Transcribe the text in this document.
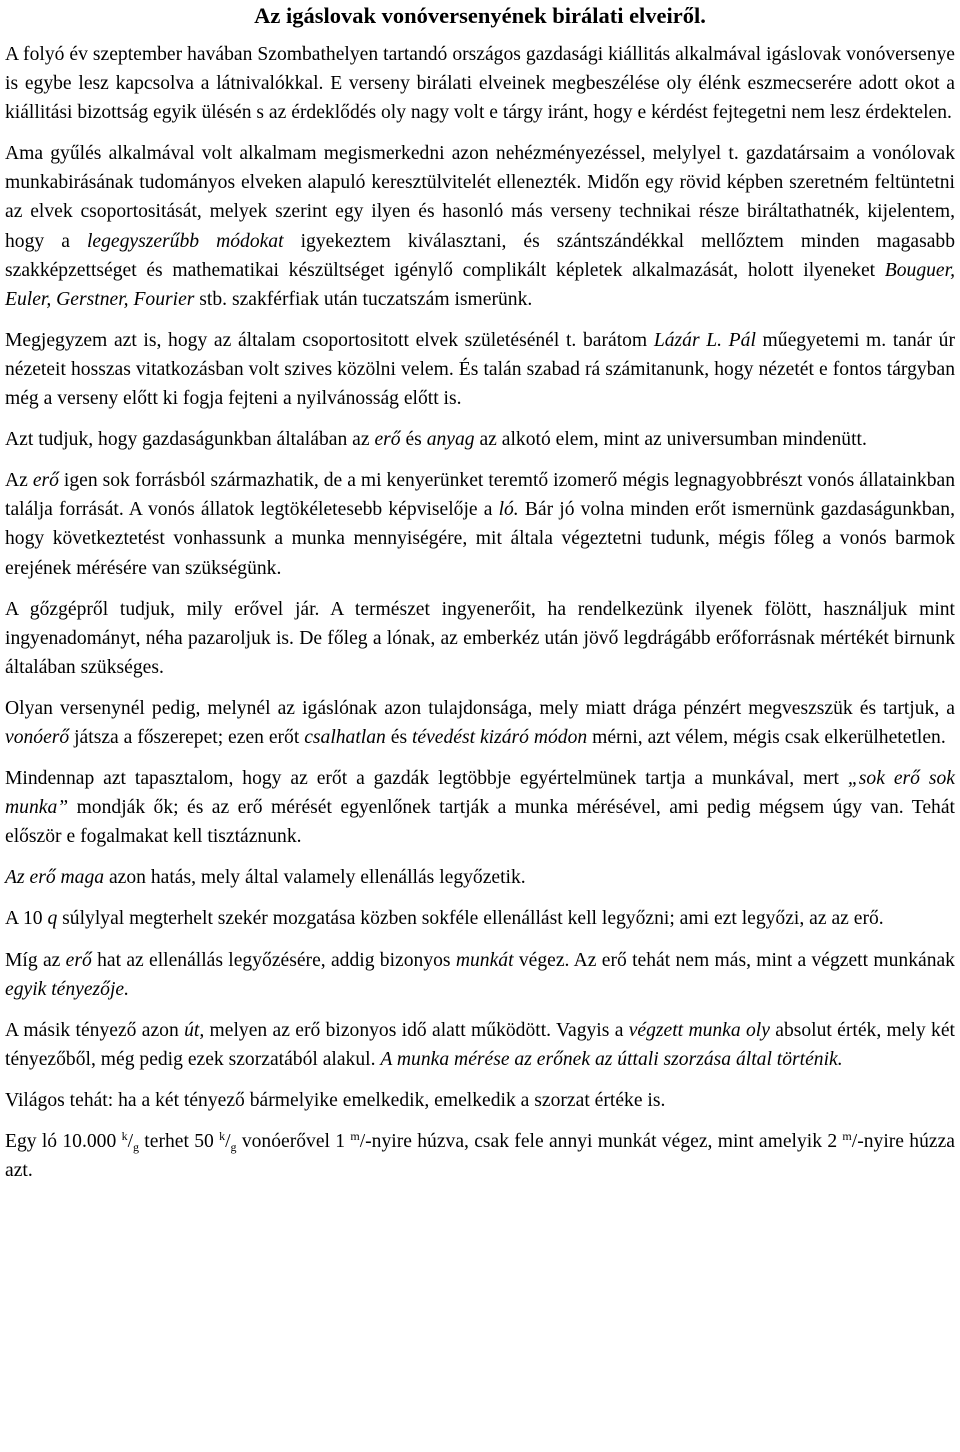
Az igáslovak vonóversenyének birálati elveiről.

A folyó év szeptember havában Szombathelyen tartandó országos gazdasági kiállitás alkalmával igáslovak vonóversenye is egybe lesz kapcsolva a látnivalókkal. E verseny birálati elveinek megbeszélése oly élénk eszmecserére adott okot a kiállitási bizottság egyik ülésén s az érdeklődés oly nagy volt e tárgy iránt, hogy e kérdést fejtegetni nem lesz érdektelen.

Ama gyűlés alkalmával volt alkalmam megismerkedni azon nehézményezéssel, melylyel t. gazdatársaim a vonólovak munkabirásának tudományos elveken alapuló keresztülvitelét ellenezték. Midőn egy rövid képben szeretném feltüntetni az elvek csoportositását, melyek szerint egy ilyen és hasonló más verseny technikai része biráltathatnék, kijelentem, hogy a legegyszerűbb módokat igyekeztem kiválasztani, és szántszándékkal mellőztem minden magasabb szakképzettséget és mathematikai készültséget igénylő complikált képletek alkalmazását, holott ilyeneket Bouguer, Euler, Gerstner, Fourier stb. szakférfiak után tuczatszám ismerünk.

Megjegyzem azt is, hogy az általam csoportositott elvek születésénél t. barátom Lázár L. Pál műegyetemi m. tanár úr nézeteit hosszas vitatkozásban volt szives közölni velem. És talán szabad rá számitanunk, hogy nézetét e fontos tárgyban még a verseny előtt ki fogja fejteni a nyilvánosság előtt is.

Azt tudjuk, hogy gazdaságunkban általában az erő és anyag az alkotó elem, mint az universumban mindenütt.

Az erő igen sok forrásból származhatik, de a mi kenyerünket teremtő izomerő mégis legnagyobbrészt vonós állatainkban találja forrását. A vonós állatok legtökéletesebb képviselője a ló. Bár jó volna minden erőt ismernünk gazdaságunkban, hogy következtetést vonhassunk a munka mennyiségére, mit általa végeztetni tudunk, mégis főleg a vonós barmok erejének mérésére van szükségünk.

A gőzgépről tudjuk, mily erővel jár. A természet ingyenerőit, ha rendelkezünk ilyenek fölött, használjuk mint ingyenadományt, néha pazaroljuk is. De főleg a lónak, az emberkéz után jövő legdrágább erőforrásnak mértékét birnunk általában szükséges.

Olyan versenynél pedig, melynél az igáslónak azon tulajdonsága, mely miatt drága pénzért megveszszük és tartjuk, a vonóerő játsza a főszerepet; ezen erőt csalhatlan és tévedést kizáró módon mérni, azt vélem, mégis csak elkerülhetetlen.

Mindennap azt tapasztalom, hogy az erőt a gazdák legtöbbje egyértelmünek tartja a munkával, mert „sok erő sok munka” mondják ők; és az erő mérését egyenlőnek tartják a munka mérésével, ami pedig mégsem úgy van. Tehát először e fogalmakat kell tisztáznunk.

Az erő maga azon hatás, mely által valamely ellenállás legyőzetik.

A 10 q súlylyal megterhelt szekér mozgatása közben sokféle ellenállást kell legyőzni; ami ezt legyőzi, az az erő.

Míg az erő hat az ellenállás legyőzésére, addig bizonyos munkát végez. Az erő tehát nem más, mint a végzett munkának egyik tényezője.

A másik tényező azon út, melyen az erő bizonyos idő alatt működött. Vagyis a végzett munka oly absolut érték, mely két tényezőből, még pedig ezek szorzatából alakul. A munka mérése az erőnek az úttali szorzása által történik.

Világos tehát: ha a két tényező bármelyike emelkedik, emelkedik a szorzat értéke is.

Egy ló 10.000 $^k/_g$ terhet 50 $^k/_g$ vonóerővel 1 $^m$/-nyire húzva, csak fele annyi munkát végez, mint amelyik 2 $^m$/-nyire húzza azt.
